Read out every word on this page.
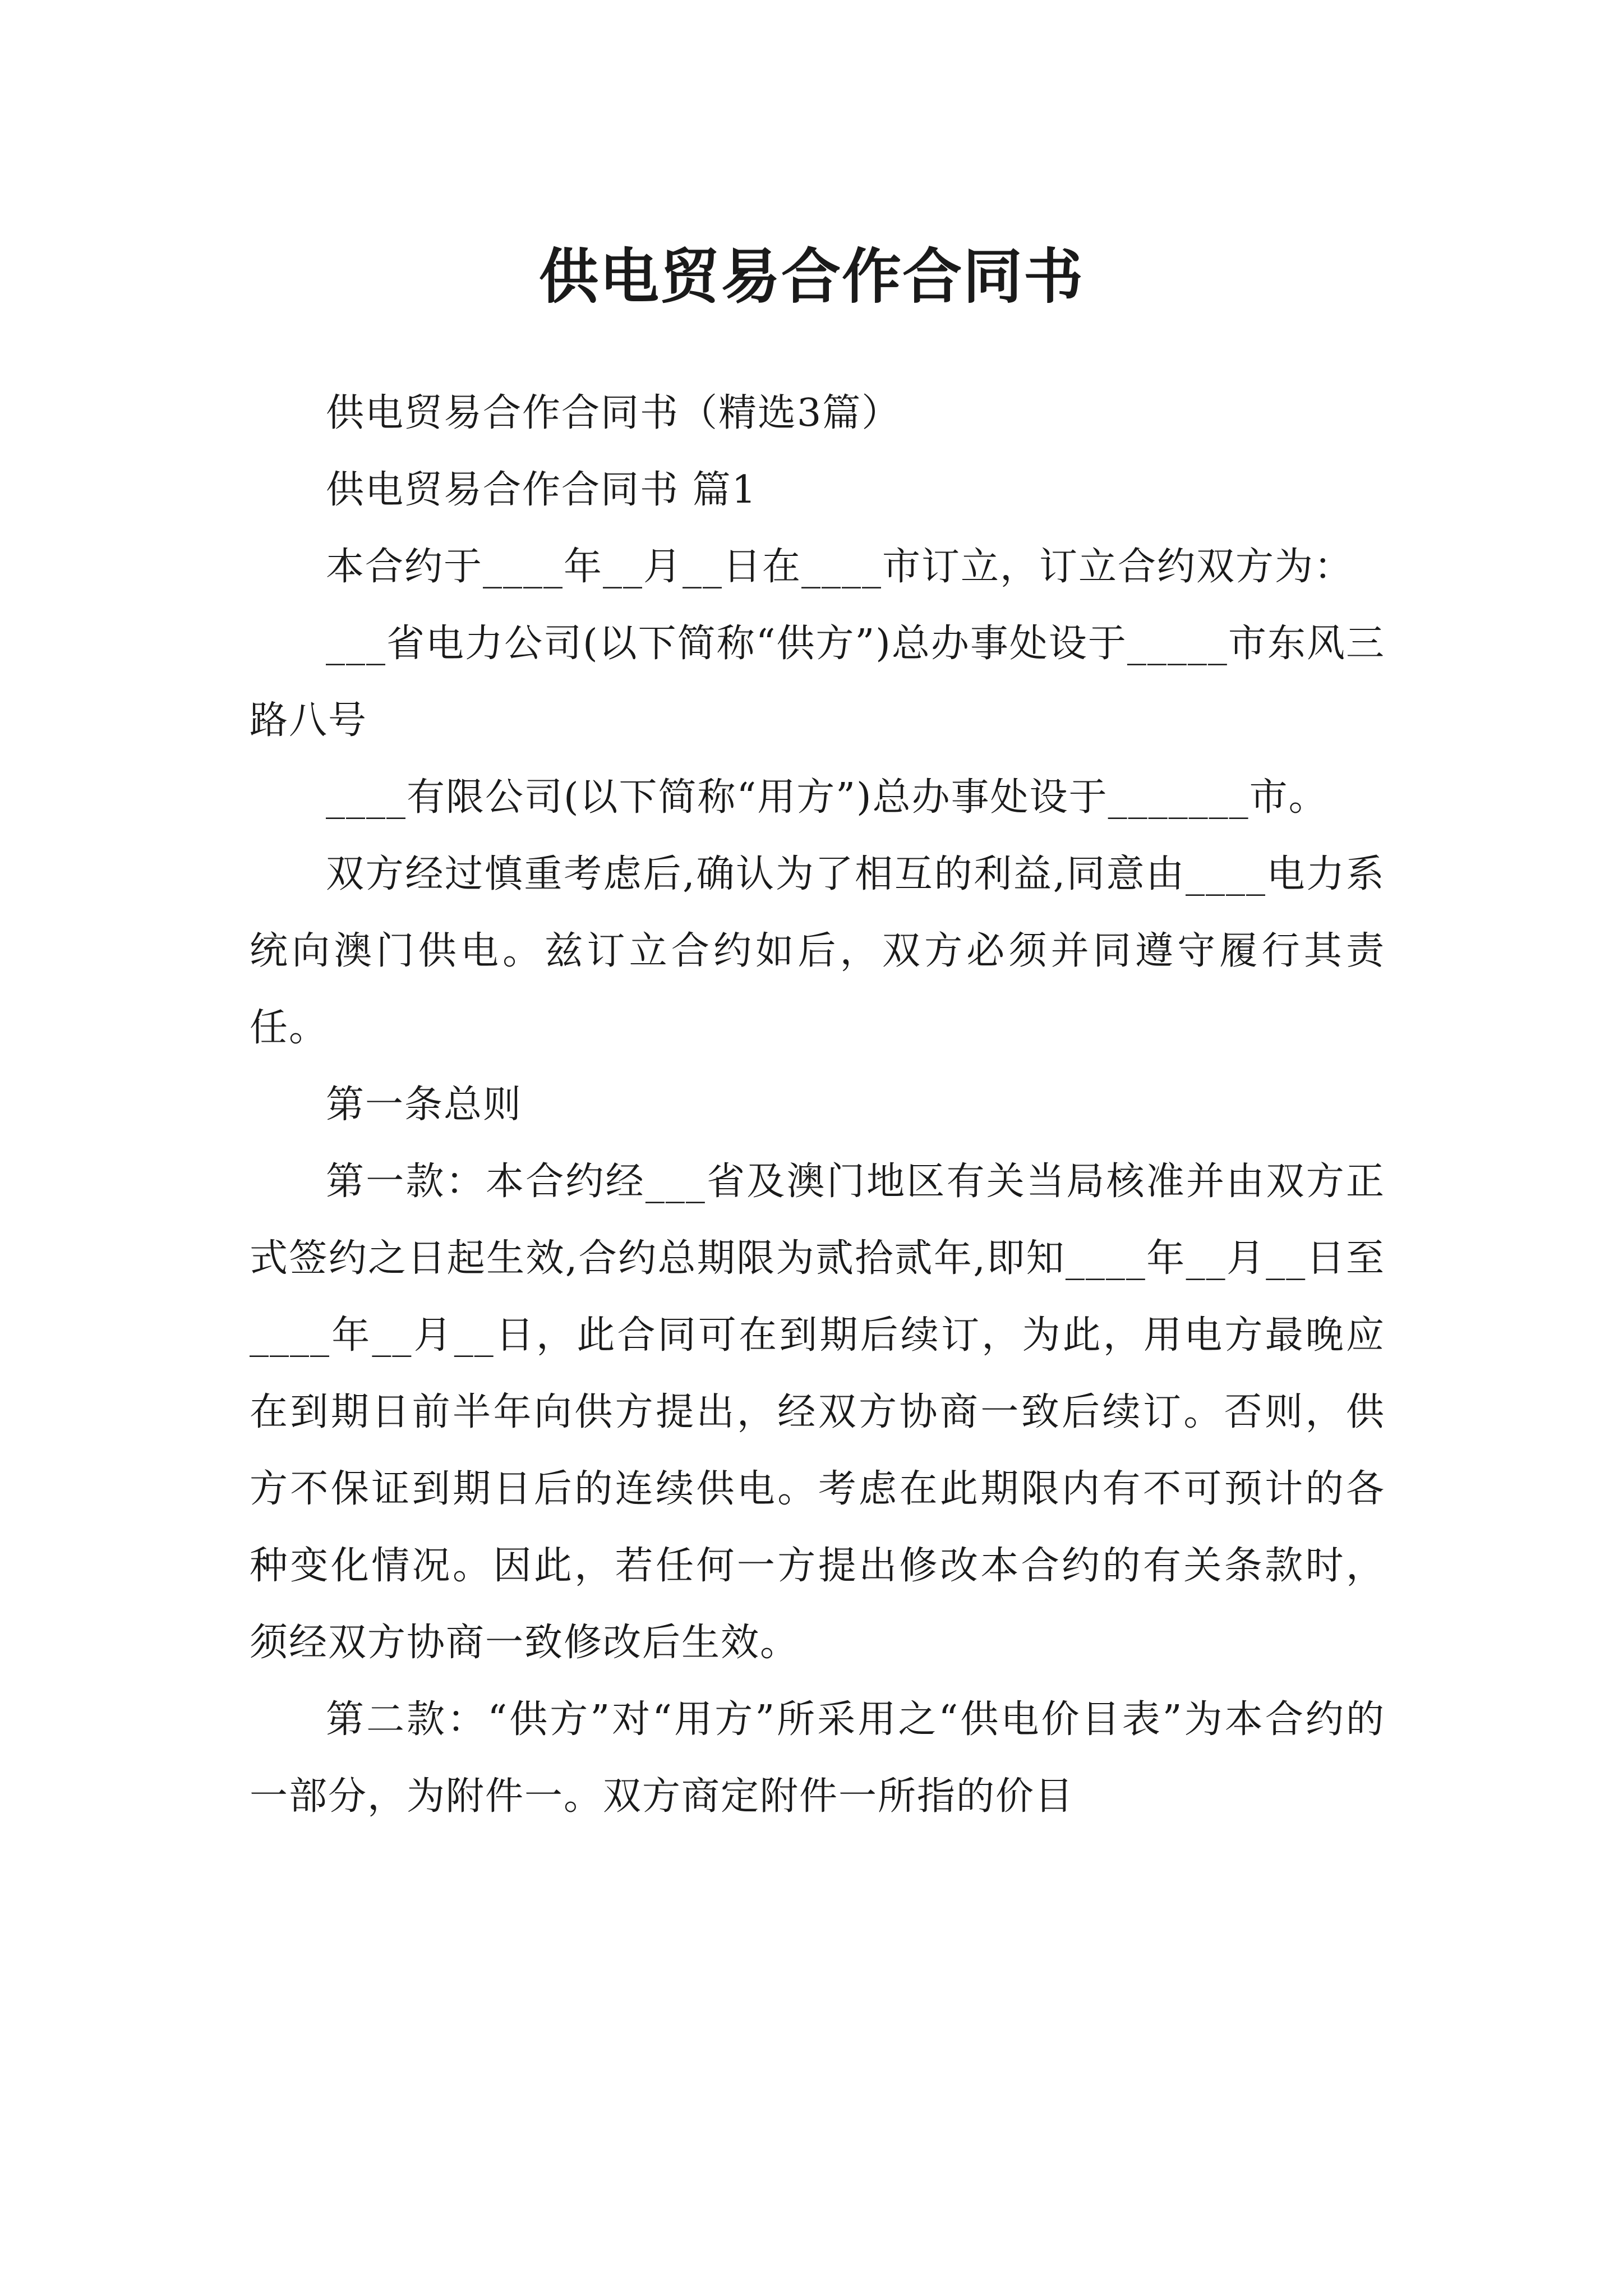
供电贸易合作合同书

供电贸易合作合同书（精选3篇）

供电贸易合作合同书 篇1

本合约于____年__月__日在____市订立，订立合约双方为：

___省电力公司(以下简称“供方”)总办事处设于_____市东风三路八号

____有限公司(以下简称“用方”)总办事处设于_______市。

双方经过慎重考虑后,确认为了相互的利益,同意由____电力系统向澳门供电。兹订立合约如后，双方必须并同遵守履行其责任。

第一条总则

第一款：本合约经___省及澳门地区有关当局核准并由双方正式签约之日起生效,合约总期限为贰拾贰年,即知____年__月__日至____年__月__日，此合同可在到期后续订，为此，用电方最晚应在到期日前半年向供方提出，经双方协商一致后续订。否则，供方不保证到期日后的连续供电。考虑在此期限内有不可预计的各种变化情况。因此，若任何一方提出修改本合约的有关条款时，须经双方协商一致修改后生效。

第二款：“供方”对“用方”所采用之“供电价目表”为本合约的一部分，为附件一。双方商定附件一所指的价目
